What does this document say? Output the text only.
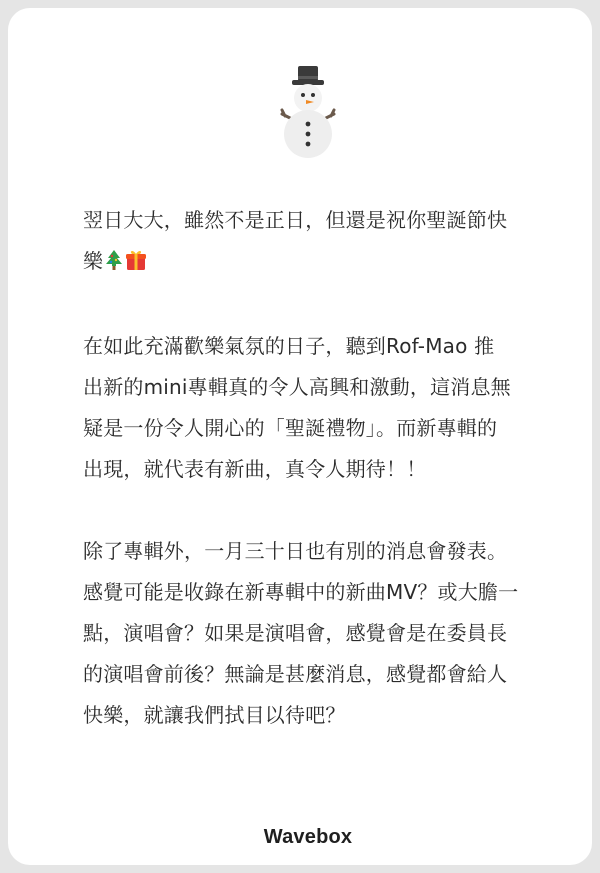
翌日大大，雖然不是正日，但還是祝你聖誕節快
樂

在如此充滿歡樂氣氛的日子，聽到Rof-Mao 推
出新的mini專輯真的令人高興和激動，這消息無
疑是一份令人開心的「聖誕禮物」。而新專輯的
出現，就代表有新曲，真令人期待！！

除了專輯外，一月三十日也有別的消息會發表。
感覺可能是收錄在新專輯中的新曲MV？或大膽一
點，演唱會？如果是演唱會，感覺會是在委員長
的演唱會前後？無論是甚麼消息，感覺都會給人
快樂，就讓我們拭目以待吧？

Wavebox
